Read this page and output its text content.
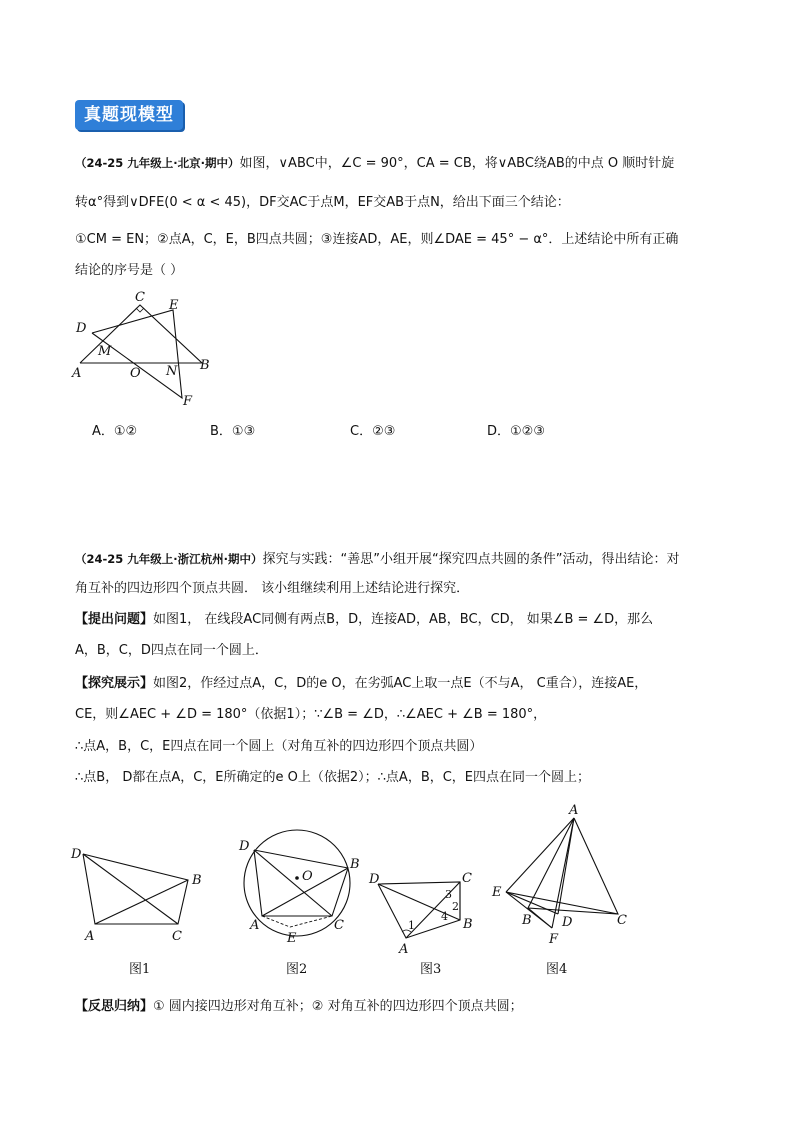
真题现模型
（24-25 九年级上·北京·期中）如图，∨ABC中，∠C = 90°，CA = CB，将∨ABC绕AB的中点 O 顺时针旋
转α°得到∨DFE(0 < α < 45)，DF交AC于点M，EF交AB于点N，给出下面三个结论：
①CM = EN；②点A，C，E，B四点共圆；③连接AD，AE，则∠DAE = 45° − α°．上述结论中所有正确
结论的序号是（ ）
C
E
D
M
B
A	O N
F
A．①②	B．①③	C．②③	D．①②③
（24-25 九年级上·浙江杭州·期中）探究与实践：“善思”小组开展“探究四点共圆的条件”活动，得出结论：对
角互补的四边形四个顶点共圆． 该小组继续利用上述结论进行探究．
【提出问题】如图1， 在线段AC同侧有两点B，D，连接AD，AB，BC，CD， 如果∠B = ∠D，那么
A，B，C，D四点在同一个圆上．
【探究展示】如图2，作经过点A，C，D的e O，在劣弧AC上取一点E（不与A， C重合），连接AE，
CE，则∠AEC + ∠D = 180°（依据1）；∵∠B = ∠D，∴∠AEC + ∠B = 180°，
∴点A，B，C，E四点在同一个圆上（对角互补的四边形四个顶点共圆）
∴点B， D都在点A，C，E所确定的e O上（依据2）；∴点A，B，C，E四点在同一个圆上；
D
B
A	C
D
O
B
A	C
E
D	C
3
2
1
4
B
A
A
E
B D	C
F
图1	图2	图3	图4
【反思归纳】① 圆内接四边形对角互补；② 对角互补的四边形四个顶点共圆；
